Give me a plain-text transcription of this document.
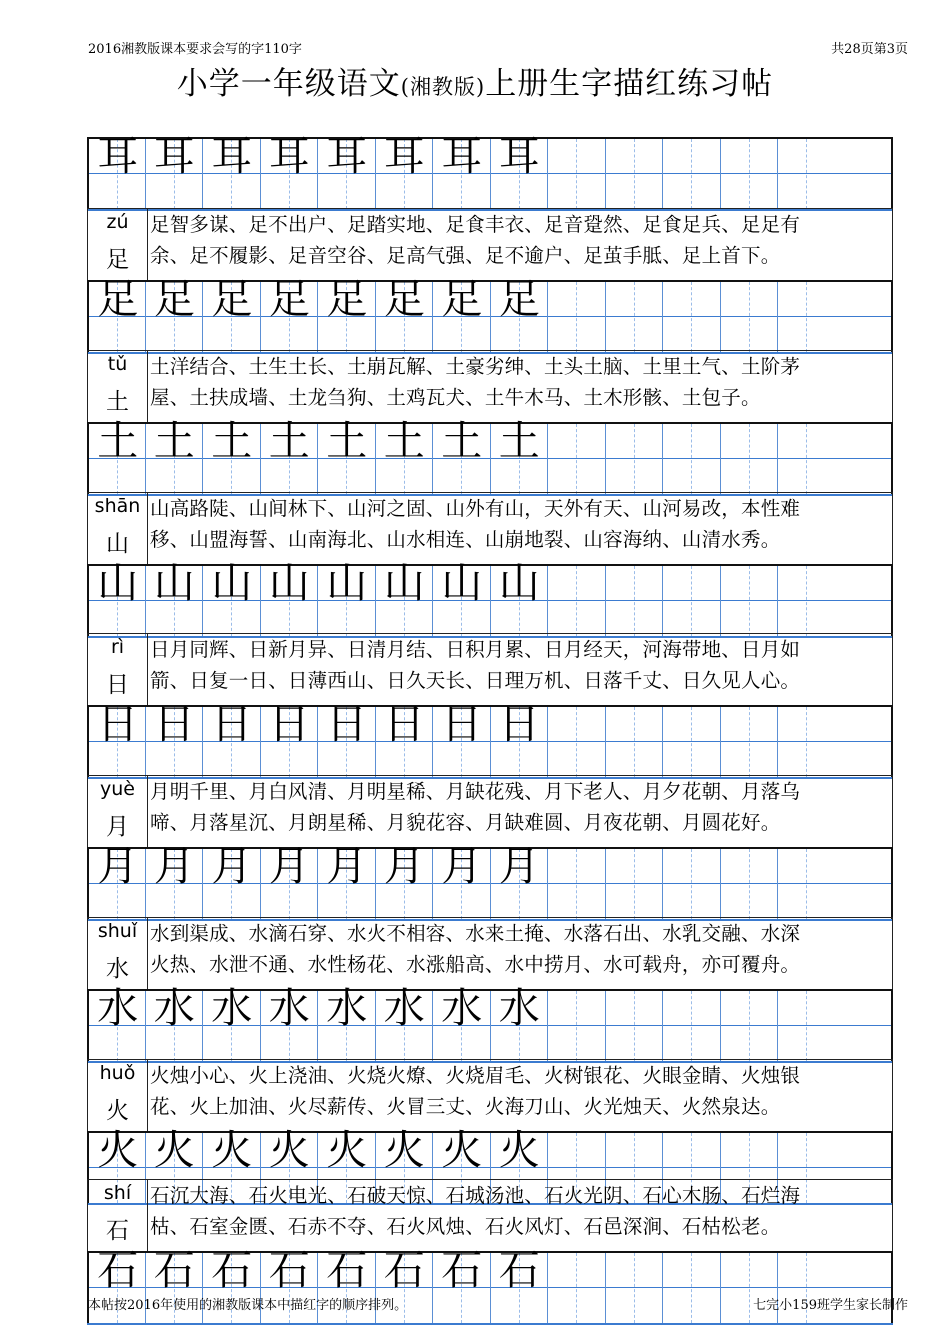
2016湘教版课本要求会写的字110字	共28页第3页
小学一年级语文(湘教版)上册生字描红练习帖
耳 耳 耳 耳 耳 耳 耳 耳
zú
足
足智多谋、足不出户、足踏实地、足食丰衣、足音跫然、足食足兵、足足有
余、足不履影、足音空谷、足高气强、足不逾户、足茧手胝、足上首下。
足 足 足 足 足 足 足 足
tǔ
土
土洋结合、土生土长、土崩瓦解、土豪劣绅、土头土脑、土里土气、土阶茅
屋、土扶成墙、土龙刍狗、土鸡瓦犬、土牛木马、土木形骸、土包子。
土 土 土 土 土 土 土 土
shān
山
山高路陡、山间林下、山河之固、山外有山，天外有天、山河易改，本性难
移、山盟海誓、山南海北、山水相连、山崩地裂、山容海纳、山清水秀。
山 山 山 山 山 山 山 山
rì
日
日月同辉、日新月异、日清月结、日积月累、日月经天，河海带地、日月如
箭、日复一日、日薄西山、日久天长、日理万机、日落千丈、日久见人心。
日 日 日 日 日 日 日 日
yuè
月
月明千里、月白风清、月明星稀、月缺花残、月下老人、月夕花朝、月落乌
啼、月落星沉、月朗星稀、月貌花容、月缺难圆、月夜花朝、月圆花好。
月 月 月 月 月 月 月 月
shuǐ
水
水到渠成、水滴石穿、水火不相容、水来土掩、水落石出、水乳交融、水深
火热、水泄不通、水性杨花、水涨船高、水中捞月、水可载舟，亦可覆舟。
水 水 水 水 水 水 水 水
huǒ
火
火烛小心、火上浇油、火烧火燎、火烧眉毛、火树银花、火眼金睛、火烛银
花、火上加油、火尽薪传、火冒三丈、火海刀山、火光烛天、火然泉达。
火 火 火 火 火 火 火 火
shí
石
石沉大海、石火电光、石破天惊、石城汤池、石火光阴、石心木肠、石烂海
枯、石室金匮、石赤不夺、石火风烛、石火风灯、石邑深涧、石枯松老。
石 石 石 石 石 石 石 石
本帖按2016年使用的湘教版课本中描红字的顺序排列。	七完小159班学生家长制作
